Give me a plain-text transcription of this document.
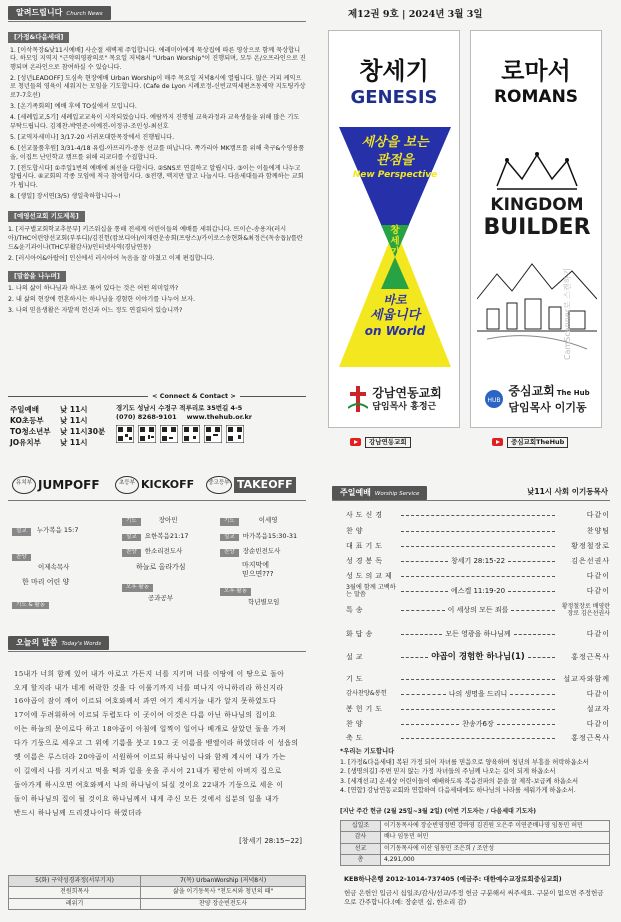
알려드립니다 Church News
[가정&다음세대]
1. [이삭목장&낮11시예배] 사순절 새벽제 주입합니다. 에레미아에게 묵상집에 따른 영상으로 함께 묵상합니다. 하모잉 지역지 "근약의영광의로" 목요일 저녁8시 "Urban Worship"이 진행되며, 모두 온/오프라인으로 진행되며 온라인으로 참여하실 수 있습니다.
2. [성년LEADOFF] 도심속 현장에배 Urban Worship이 매주 목요일 저녁8시에 열립니다. 많은 커피 케익으로 청년들의 영육이 세워지는 모임을 기도합니다. (Cafe de Lyon 시례로정-신빈교역세편츠동제약 지도팅카상로7-7호선)
3. [온기족회의] 예배 후에 TO실에서 모입니다.
4. [세례입교,5기] 세례입교교육이 시작되었습니다. 예람까지 진행될 교육과정과 교육생들을 위해 많은 기도 부탁드립니다. 김재찬-박연준-이예진-이정규-조민성-최선호
5. [교역자세미나] 3/17-20 서귀포대한목장에서 진행됩니다.
6. [선교물품후원] 3/31-4/18 유럽-아프리카-중동 선교를 떠납니다. 쪽가리아 MK캠프를 위해 축구&수영용품을, 이집트 난민학교 캠프를 위해 리코더를 수집합니다.
7. [전도합시다] ①주일1번의 예배에 최선을 다합시다. ②SNS로 연결하고 알립시다. ③이는 이들에게 나누고 알립시다. ④교회의 각종 모임에 적극 참여합시다. ⑤전행, 맥지만 말고 나눕시다. 다음세대들과 함께하는 교회가 됩니다.
8. [생일] 장서연(3/5) 생일축하합니다~!
[예영선교회 기도제목]
1. [지구별교회학교추문부] 키즈워십을 통해 전세계 어린이들의 예배를 세워갑니다. 뜨이슨-송용자(러시아)/THC어린양선교회(부루디)/김진헌(캄보디아)/이재련운송회(프랑스)/카이로스송현화&최정은(독송돕)/를란드&윤기과이나(THC부활감사)/인터넷사역(경남연동)
2. [러시아어&아랍어] 인신에서 러시아어 녹음을 잘 마쳤고 이제 편집합니다.
[말씀을 나누며]
1. 나의 삶이 하나님과 하나로 묶여 있다는 것은 어떤 의미일까?
2. 내 삶의 현장에 헌혼하시는 하나님을 경험한 이야기를 나누어 보자.
3. 나의 믿음생활은 자발적 헌신과 어느 정도 연결되어 있습니까?
< Connect & Contact >
주일예배	낮 11시
KO초등부	낮 11시
TO청소년부	낮 11시30분
JO유치부	낮 11시
경기도 성남시 수정구 적루리로 35번길 4-5
(070) 8268-9101 www.thehub.or.kr
제12권 9호 | 2024년 3월 3일
창세기
GENESIS
세상을 보는
관점을
New Perspective
창
세
기
바로
세웁니다
on World
강남연동교회
담임목사 홍정근
강남연동교회
로마서
ROMANS
KINGDOM
BUILDER
HUB
중심교회 The Hub
담임목사 이기동
중심교회TheHub
CamScanner로 스캔하기
유치부 JUMPOFF	초등부 KICKOFF	중고등부 TAKEOFF
설교 누가복음 15:7
찬양
이제속목사
한 마리 어린 양
기도 & 활동
기도	장아민
설교 요한복음21:17
찬양 한소리전도사
하늘로 올라가심
오후 활동
공과공부
기도	이세영
설교 마가복음15:30-31
찬양 장순빈전도사
마지막에
믿으면???
오후 활동
학년별모임
오늘의 말씀 Today's Words
15내가 너희 함께 있어 내가 아로고 가든지 너를 지키며 너를 이땅에 이 땅으로 돌아
오게 할지라 내가 네게 허락한 것을 다 이룰기까지 너를 떠나지 아니하리라 하신지라
16야곱이 잠이 깨어 이르되 여호와께서 과연 여기 계시거늘 내가 알지 못하였도다
17이에 두려워하여 이르되 두렵도다 이 곳이여 이것은 다름 아닌 하나님의 집이요
이는 하늘의 문이로다 하고 18야곱이 아침에 일찍이 일어나 베개로 삼았던 돌을 가져
다가 기둥으로 세우고 그 위에 기름을 붓고 19그 곳 이름을 벧엘이라 하였더라 이 성읍의
옛 이름은 루스더라 20야곱이 서원하여 이르되 하나님이 나와 함께 계시어 내가 가는
이 길에서 나를 지키시고 먹을 떡과 입을 옷을 주시어 21내가 평안히 아버지 집으로
돌아가게 하시오면 여호와께서 나의 하나님이 되실 것이요 22내가 기둥으로 세운 이
돌이 하나님의 집이 될 것이요 하나님께서 내게 주신 모든 것에서 십분의 일을 내가
반드시 하나님께 드리겠나이다 하였더라
[창세기 28:15~22]
5(화) 구약성경과정(서부기지)	7(목) UrbanWorship (저녁8시)
전원희목사	삶을 이기동목사 "천도씨와 청년의 때"
레위기	찬양 장순빈전도사
주일예배 Worship Service	낮11시 사회 이기동목사
사도신경	다같이
찬양	찬양팀
대표기도	황정철장로
성경봉독	창세기 28:15-22	김은선권사
성도의교제	다같이
3월에 함께 고백하는 말씀	에스겔 11:19-20	다같이
특송	이 세상의 모든 죄를	황정철장로 배영란장로 김은선권사
화답송	모든 영광을 하나님께	다같이
설교	야곱이 경험한 하나님(1)	홍정근목사
기도	설교자와함께
감사찬양&봉헌	나의 생명을 드리니	다같이
봉헌기도	설교자
찬양	찬송가6장	다같이
축도	홍정근목사
*우리는 기도합니다
1. [가정&다음세대] 복된 가정 되어 자녀를 믿음으로 양육하며 청년의 부흥을 허락하옵소서
2. [생명의길] 주변 믿지 않는 가정 자녀들의 주님께 나오는 길이 되게 하옵소서
3. [세계선교] 온세상 어린이들이 예배하도록 복음전파의 문을 잘 제작-보급케 하옵소서
4. [연합] 강남연동교회와 연합하여 다음세대에도 하나님의 나라를 세워가게 하옵소서.
[지난 주간 헌금 (2월 25일~3월 2일) (이번 기도자는 / 다음세대 기도자)
십일조	이기동목사에 장순빈영정변 강바영 김진원 오은주 이연준배나영 임동민 허민
감사	배나 임동민 허민
선교	이기동목사에 이산 임동민 조은희 / 조안성
총	4,291,000
KEB하나은행 2012-1014-737405 (예금주: 대한예수교장로회중심교회)
헌금 은헌인 입금시 십일조/감사/선교/주정 헌금 구분해서 써주세요. 구분이 없으면 주정헌금으로 간주합니다.(예: 장순빈 십, 한소리 감)
